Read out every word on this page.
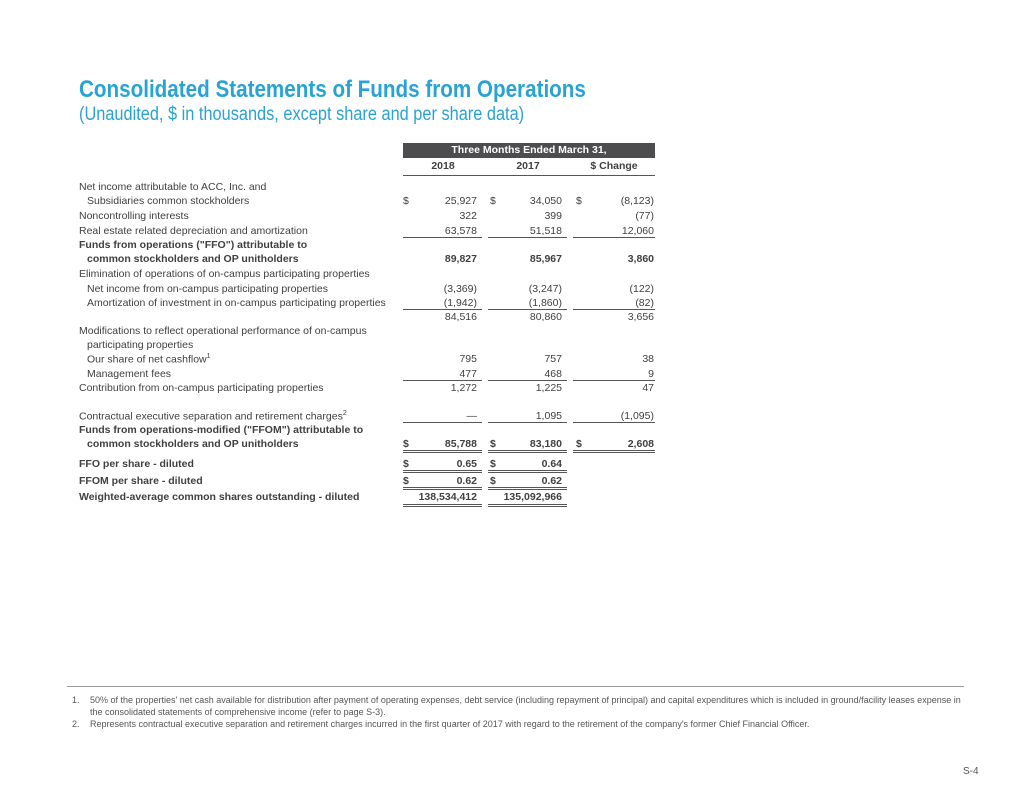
Consolidated Statements of Funds from Operations
(Unaudited, $ in thousands, except share and per share data)
Three Months Ended March 31,
2018	2017	$ Change
Net income attributable to ACC, Inc. and
Subsidiaries common stockholders	$	25,927 $	34,050 $	(8,123)
Noncontrolling interests	322	399	(77)
Real estate related depreciation and amortization	63,578	51,518	12,060
Funds from operations ("FFO") attributable to
common stockholders and OP unitholders	89,827	85,967	3,860
Elimination of operations of on-campus participating properties
Net income from on-campus participating properties	(3,369)	(3,247)	(122)
Amortization of investment in on-campus participating properties	(1,942)	(1,860)	(82)
84,516	80,860	3,656
Modifications to reflect operational performance of on-campus
participating properties
Our share of net cashflow$^1$	795	757	38
Management fees	477	468	9
Contribution from on-campus participating properties	1,272	1,225	47
Contractual executive separation and retirement charges$^2$	—	1,095	(1,095)
Funds from operations-modified ("FFOM") attributable to
common stockholders and OP unitholders	$	85,788 $	83,180 $	2,608
FFO per share - diluted	$	0.65 $	0.64
FFOM per share - diluted	$	0.62 $	0.62
Weighted-average common shares outstanding - diluted	138,534,412	135,092,966
1. 50% of the properties' net cash available for distribution after payment of operating expenses, debt service (including repayment of principal) and capital expenditures which is included in ground/facility leases expense in the consolidated statements of comprehensive income (refer to page S-3).
2. Represents contractual executive separation and retirement charges incurred in the first quarter of 2017 with regard to the retirement of the company's former Chief Financial Officer.
S-4
